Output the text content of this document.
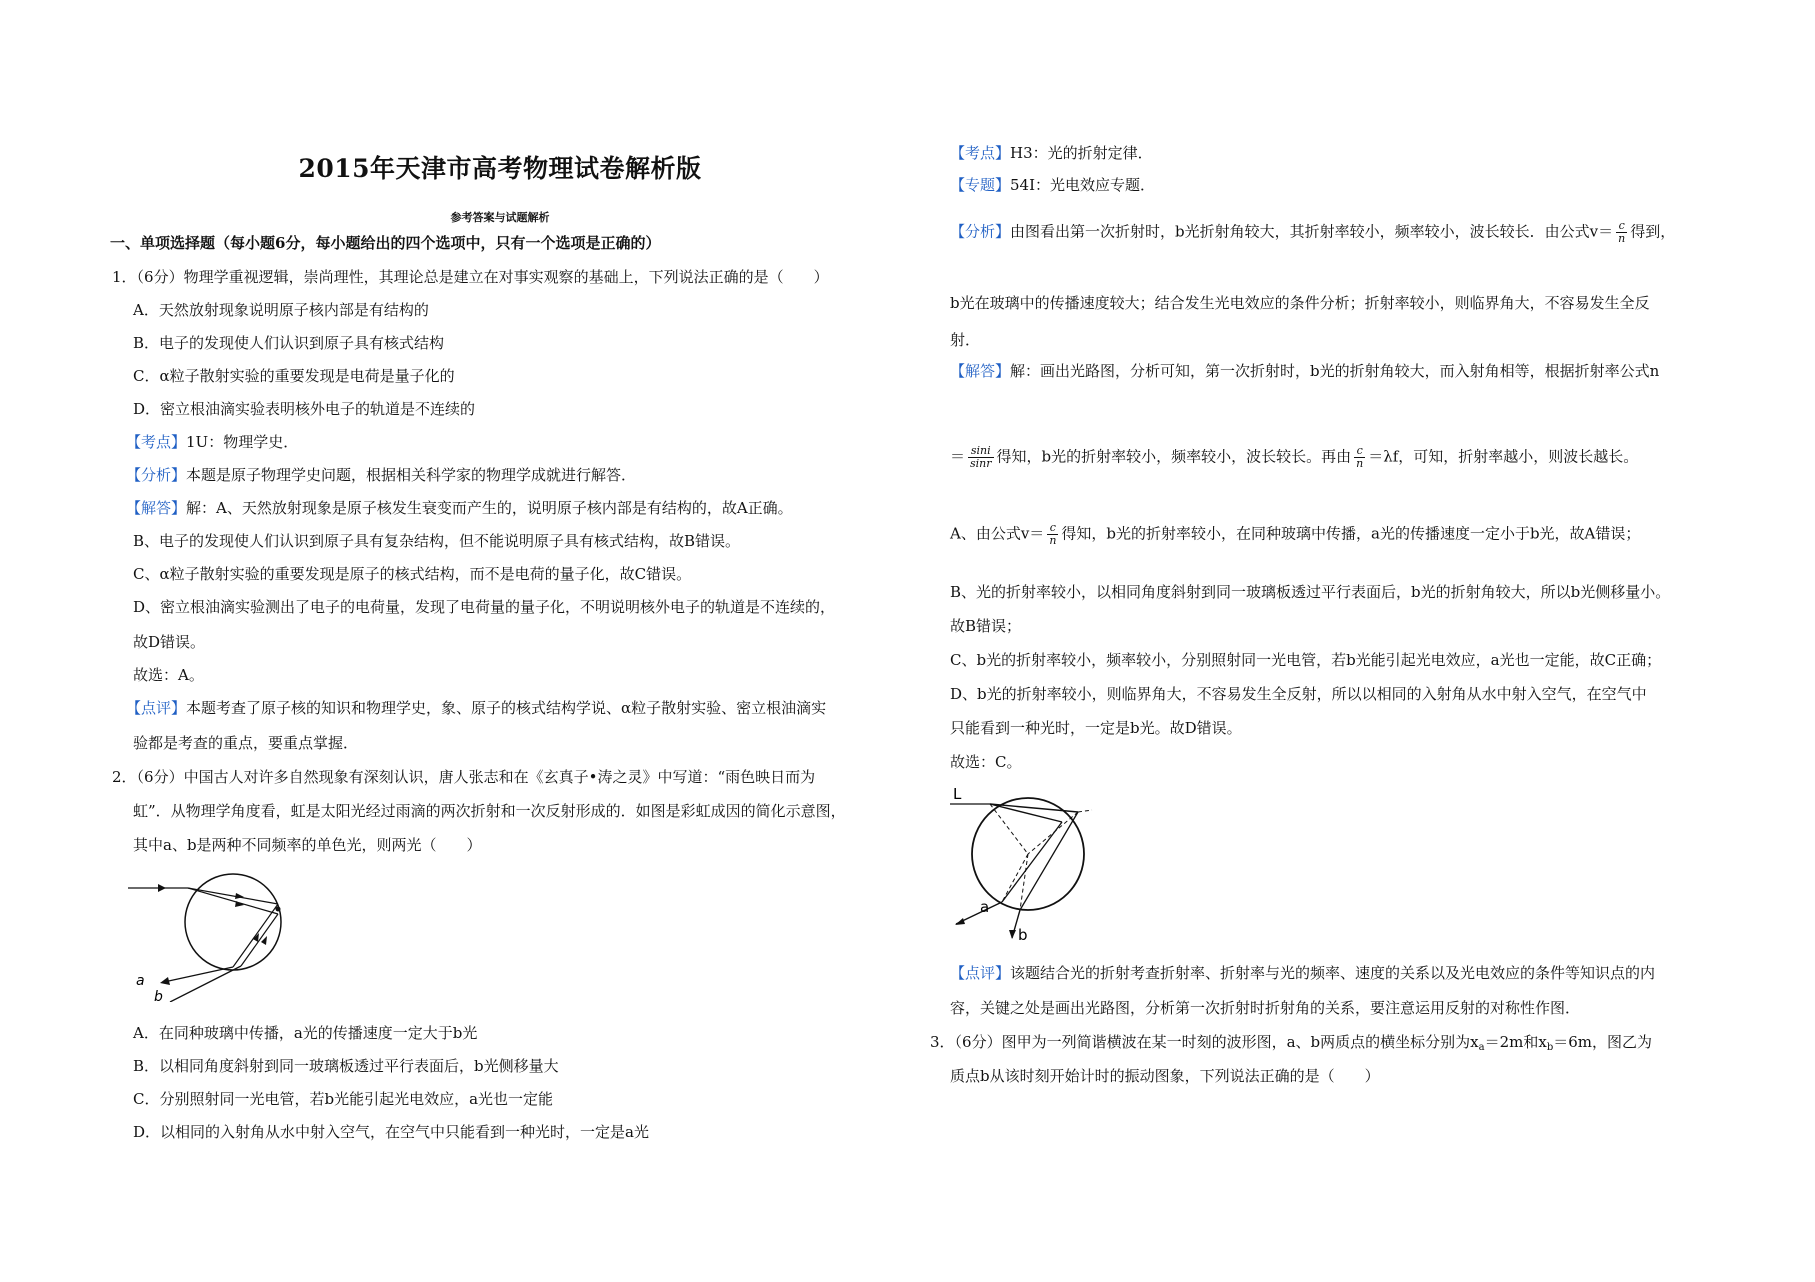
2015年天津市高考物理试卷解析版
参考答案与试题解析
一、单项选择题（每小题6分，每小题给出的四个选项中，只有一个选项是正确的）
1．（6分）物理学重视逻辑，崇尚理性，其理论总是建立在对事实观察的基础上，下列说法正确的是（　　）
A．天然放射现象说明原子核内部是有结构的
B．电子的发现使人们认识到原子具有核式结构
C．α粒子散射实验的重要发现是电荷是量子化的
D．密立根油滴实验表明核外电子的轨道是不连续的
【考点】1U：物理学史．
【分析】本题是原子物理学史问题，根据相关科学家的物理学成就进行解答．
【解答】解：A、天然放射现象是原子核发生衰变而产生的，说明原子核内部是有结构的，故A正确。
B、电子的发现使人们认识到原子具有复杂结构，但不能说明原子具有核式结构，故B错误。
C、α粒子散射实验的重要发现是原子的核式结构，而不是电荷的量子化，故C错误。
D、密立根油滴实验测出了电子的电荷量，发现了电荷量的量子化，不明说明核外电子的轨道是不连续的，
故D错误。
故选：A。
【点评】本题考查了原子核的知识和物理学史，象、原子的核式结构学说、α粒子散射实验、密立根油滴实
验都是考查的重点，要重点掌握．
2．（6分）中国古人对许多自然现象有深刻认识，唐人张志和在《玄真子•涛之灵》中写道：“雨色映日而为
虹”．从物理学角度看，虹是太阳光经过雨滴的两次折射和一次反射形成的．如图是彩虹成因的简化示意图，
其中a、b是两种不同频率的单色光，则两光（　　）
a
b
A．在同种玻璃中传播，a光的传播速度一定大于b光
B．以相同角度斜射到同一玻璃板透过平行表面后，b光侧移量大
C．分别照射同一光电管，若b光能引起光电效应，a光也一定能
D．以相同的入射角从水中射入空气，在空气中只能看到一种光时，一定是a光
【考点】H3：光的折射定律．
【专题】54I：光电效应专题．
【分析】由图看出第一次折射时，b光折射角较大，其折射率较小，频率较小，波长较长．由公式$v= \frac{c}{n}$ 得到，
b光在玻璃中的传播速度较大；结合发生光电效应的条件分析；折射率较小，则临界角大，不容易发生全反
射．
【解答】解：画出光路图，分析可知，第一次折射时，b光的折射角较大，而入射角相等，根据折射率公式n
＝ $\frac{\sin i}{\sin r}$ 得知，b光的折射率较小，频率较小，波长较长。再由 $\frac{c}{n} =\lambda f$，可知，折射率越小，则波长越长。
A、由公式$v= \frac{c}{n}$ 得知，b光的折射率较小，在同种玻璃中传播，a光的传播速度一定小于b光，故A错误；
B、光的折射率较小，以相同角度斜射到同一玻璃板透过平行表面后，b光的折射角较大，所以b光侧移量小。
故B错误；
C、b光的折射率较小，频率较小，分别照射同一光电管，若b光能引起光电效应，a光也一定能，故C正确；
D、b光的折射率较小，则临界角大，不容易发生全反射，所以以相同的入射角从水中射入空气，在空气中
只能看到一种光时，一定是b光。故D错误。
故选：C。
L
a
b
【点评】该题结合光的折射考查折射率、折射率与光的频率、速度的关系以及光电效应的条件等知识点的内
容，关键之处是画出光路图，分析第一次折射时折射角的关系，要注意运用反射的对称性作图．
3．（6分）图甲为一列简谐横波在某一时刻的波形图，a、b两质点的横坐标分别为$x_a=2m$和$x_b=6m$，图乙为
质点b从该时刻开始计时的振动图象，下列说法正确的是（　　）
